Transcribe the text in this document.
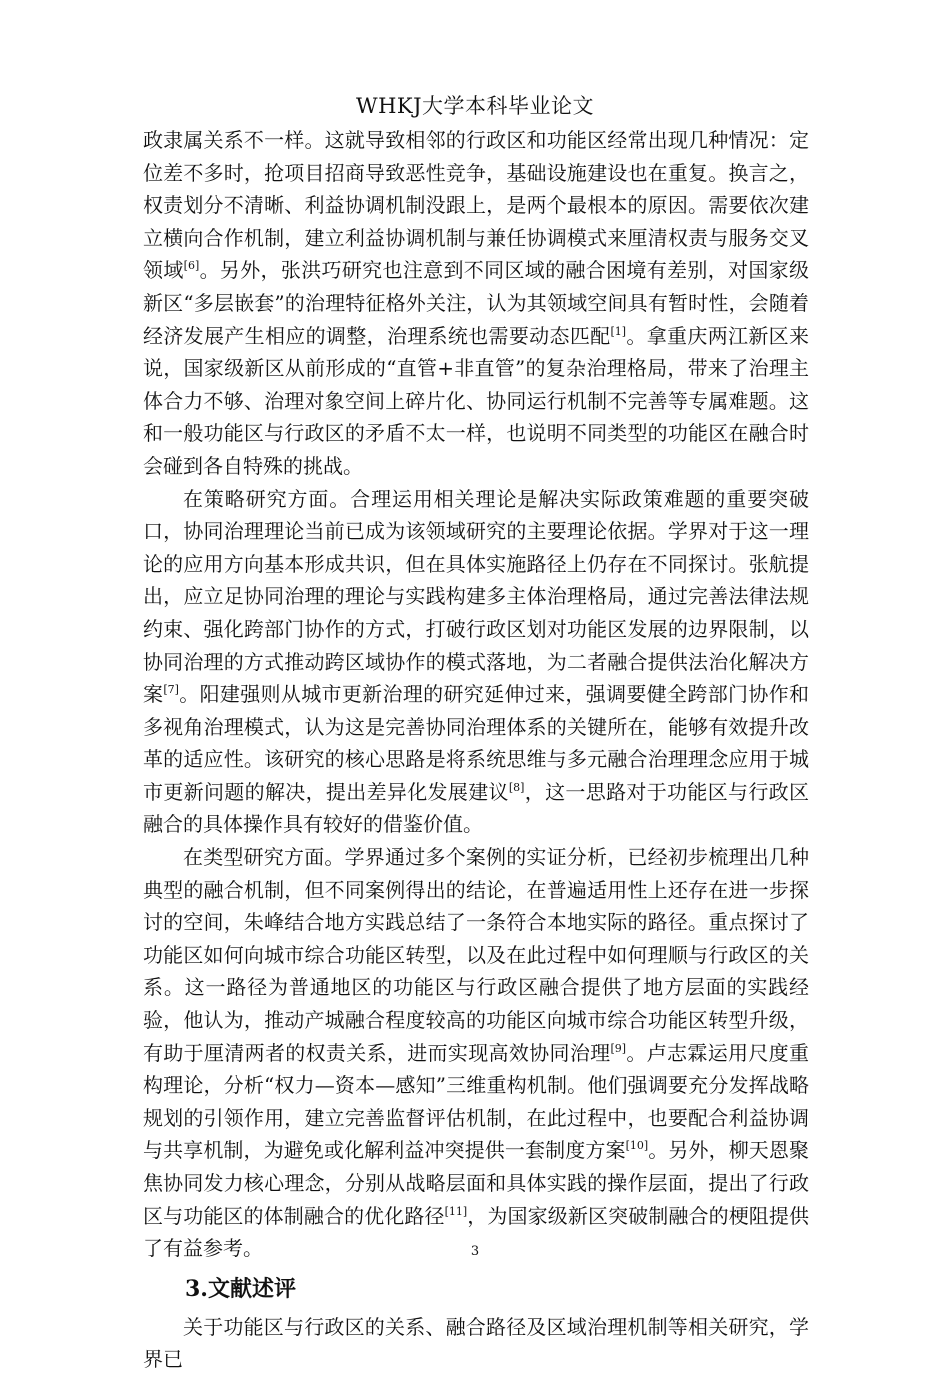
WHKJ大学本科毕业论文

政隶属关系不一样。这就导致相邻的行政区和功能区经常出现几种情况：定位差不多时，抢项目招商导致恶性竞争，基础设施建设也在重复。换言之，权责划分不清晰、利益协调机制没跟上，是两个最根本的原因。需要依次建立横向合作机制，建立利益协调机制与兼任协调模式来厘清权责与服务交叉领域[6]。另外，张洪巧研究也注意到不同区域的融合困境有差别，对国家级新区“多层嵌套”的治理特征格外关注，认为其领域空间具有暂时性，会随着经济发展产生相应的调整，治理系统也需要动态匹配[1]。拿重庆两江新区来说，国家级新区从前形成的“直管+非直管”的复杂治理格局，带来了治理主体合力不够、治理对象空间上碎片化、协同运行机制不完善等专属难题。这和一般功能区与行政区的矛盾不太一样，也说明不同类型的功能区在融合时会碰到各自特殊的挑战。

在策略研究方面。合理运用相关理论是解决实际政策难题的重要突破口，协同治理理论当前已成为该领域研究的主要理论依据。学界对于这一理论的应用方向基本形成共识，但在具体实施路径上仍存在不同探讨。张航提出，应立足协同治理的理论与实践构建多主体治理格局，通过完善法律法规约束、强化跨部门协作的方式，打破行政区划对功能区发展的边界限制，以协同治理的方式推动跨区域协作的模式落地，为二者融合提供法治化解决方案[7]。阳建强则从城市更新治理的研究延伸过来，强调要健全跨部门协作和多视角治理模式，认为这是完善协同治理体系的关键所在，能够有效提升改革的适应性。该研究的核心思路是将系统思维与多元融合治理理念应用于城市更新问题的解决，提出差异化发展建议[8]，这一思路对于功能区与行政区融合的具体操作具有较好的借鉴价值。

在类型研究方面。学界通过多个案例的实证分析，已经初步梳理出几种典型的融合机制，但不同案例得出的结论，在普遍适用性上还存在进一步探讨的空间，朱峰结合地方实践总结了一条符合本地实际的路径。重点探讨了功能区如何向城市综合功能区转型，以及在此过程中如何理顺与行政区的关系。这一路径为普通地区的功能区与行政区融合提供了地方层面的实践经验，他认为，推动产城融合程度较高的功能区向城市综合功能区转型升级，有助于厘清两者的权责关系，进而实现高效协同治理[9]。卢志霖运用尺度重构理论，分析“权力—资本—感知”三维重构机制。他们强调要充分发挥战略规划的引领作用，建立完善监督评估机制，在此过程中，也要配合利益协调与共享机制，为避免或化解利益冲突提供一套制度方案[10]。另外，柳天恩聚焦协同发力核心理念，分别从战略层面和具体实践的操作层面，提出了行政区与功能区的体制融合的优化路径[11]，为国家级新区突破制融合的梗阻提供了有益参考。

3.文献述评

关于功能区与行政区的关系、融合路径及区域治理机制等相关研究，学界已

3
